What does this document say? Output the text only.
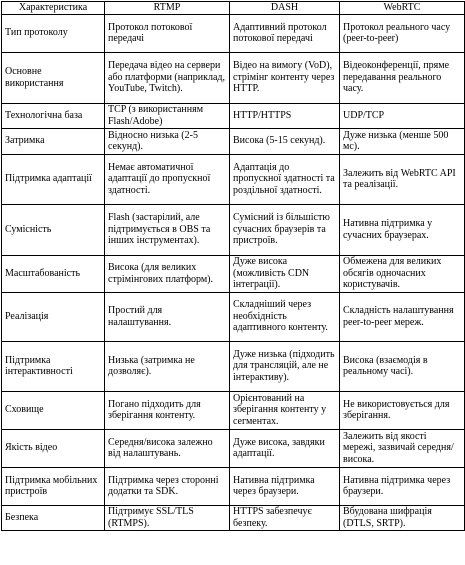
Характеристика	RTMP	DASH	WebRTC
Тип протоколу	Протокол потокової передачі	Адаптивний протокол потокової передачі	Протокол реального часу (peer-to-peer)
Основне використання	Передача відео на сервери або платформи (наприклад, YouTube, Twitch).	Відео на вимогу (VoD), стрімінг контенту через HTTP.	Відеоконференції, пряме передавання реального часу.
Технологічна база	TCP (з використанням Flash/Adobe)	HTTP/HTTPS	UDP/TCP
Затримка	Відносно низька (2-5 секунд).	Висока (5-15 секунд).	Дуже низька (менше 500 мс).
Підтримка адаптації	Немає автоматичної адаптації до пропускної здатності.	Адаптація до пропускної здатності та роздільної здатності.	Залежить від WebRTC API та реалізації.
Сумісність	Flash (застарілий, але підтримується в OBS та інших інструментах).	Сумісний із більшістю сучасних браузерів та пристроїв.	Нативна підтримка у сучасних браузерах.
Масштабованість	Висока (для великих стрімінгових платформ).	Дуже висока (можливість CDN інтеграції).	Обмежена для великих обсягів одночасних користувачів.
Реалізація	Простий для налаштування.	Складніший через необхідність адаптивного контенту.	Складність налаштування peer-to-peer мереж.
Підтримка інтерактивності	Низька (затримка не дозволяє).	Дуже низька (підходить для трансляцій, але не інтерактиву).	Висока (взаємодія в реальному часі).
Сховище	Погано підходить для зберігання контенту.	Орієнтований на зберігання контенту у сегментах.	Не використовується для зберігання.
Якість відео	Середня/висока залежно від налаштувань.	Дуже висока, завдяки адаптації.	Залежить від якості мережі, зазвичай середня/висока.
Підтримка мобільних пристроїв	Підтримка через сторонні додатки та SDK.	Нативна підтримка через браузери.	Нативна підтримка через браузери.
Безпека	Підтримує SSL/TLS (RTMPS).	HTTPS забезпечує безпеку.	Вбудована шифрація (DTLS, SRTP).
